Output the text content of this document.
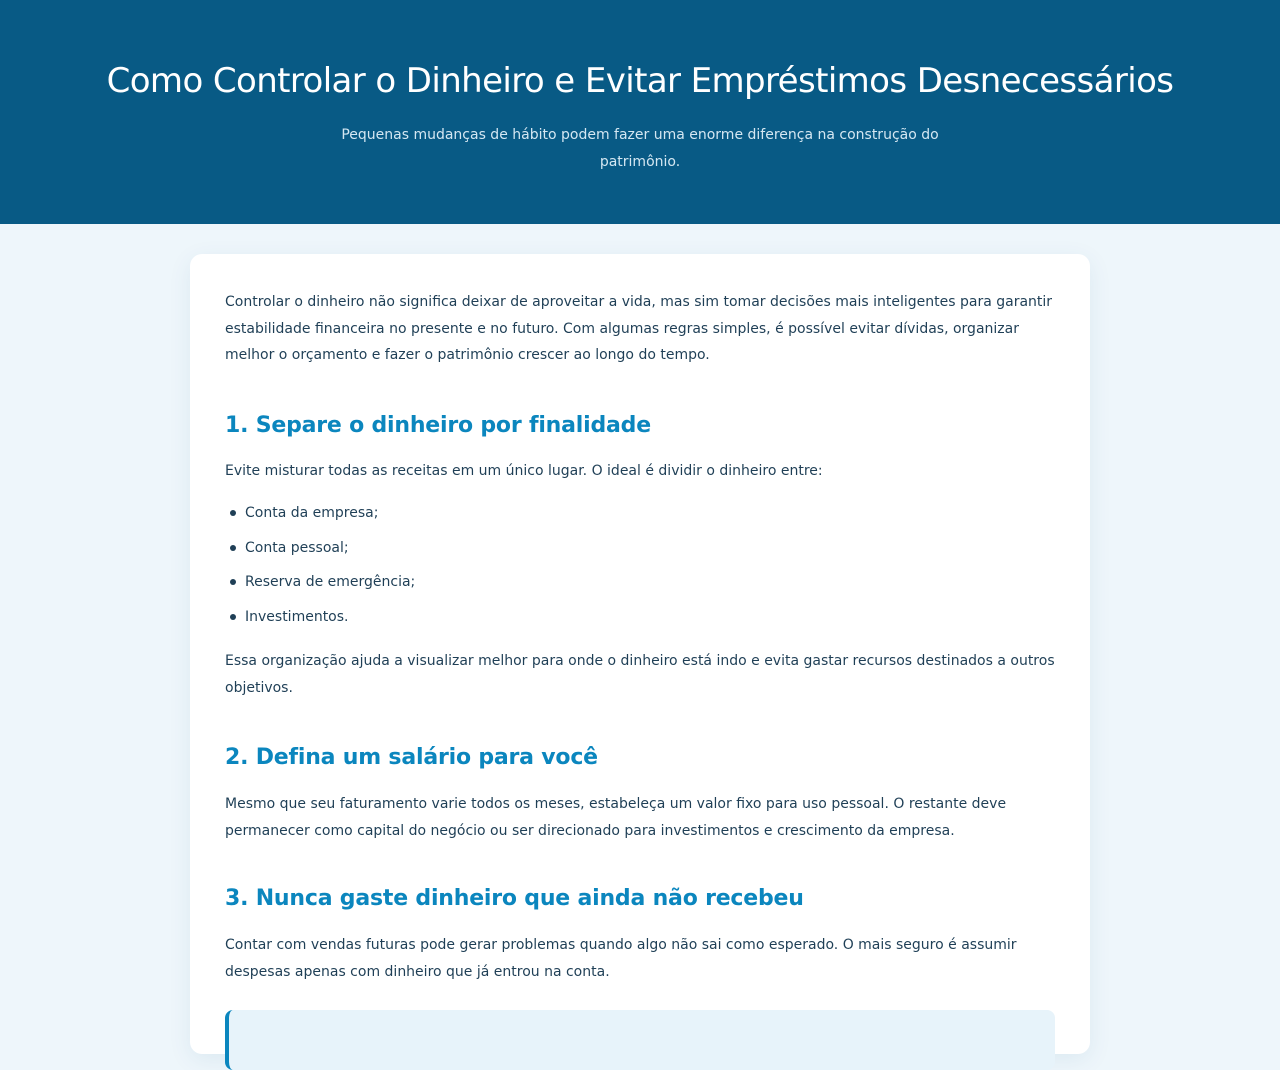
Como Controlar o Dinheiro e Evitar Empréstimos Desnecessários

Pequenas mudanças de hábito podem fazer uma enorme diferença na construção do patrimônio.

Controlar o dinheiro não significa deixar de aproveitar a vida, mas sim tomar decisões mais inteligentes para garantir estabilidade financeira no presente e no futuro. Com algumas regras simples, é possível evitar dívidas, organizar melhor o orçamento e fazer o patrimônio crescer ao longo do tempo.

1. Separe o dinheiro por finalidade

Evite misturar todas as receitas em um único lugar. O ideal é dividir o dinheiro entre:

Conta da empresa;
Conta pessoal;
Reserva de emergência;
Investimentos.

Essa organização ajuda a visualizar melhor para onde o dinheiro está indo e evita gastar recursos destinados a outros objetivos.

2. Defina um salário para você

Mesmo que seu faturamento varie todos os meses, estabeleça um valor fixo para uso pessoal. O restante deve permanecer como capital do negócio ou ser direcionado para investimentos e crescimento da empresa.

3. Nunca gaste dinheiro que ainda não recebeu

Contar com vendas futuras pode gerar problemas quando algo não sai como esperado. O mais seguro é assumir despesas apenas com dinheiro que já entrou na conta.
